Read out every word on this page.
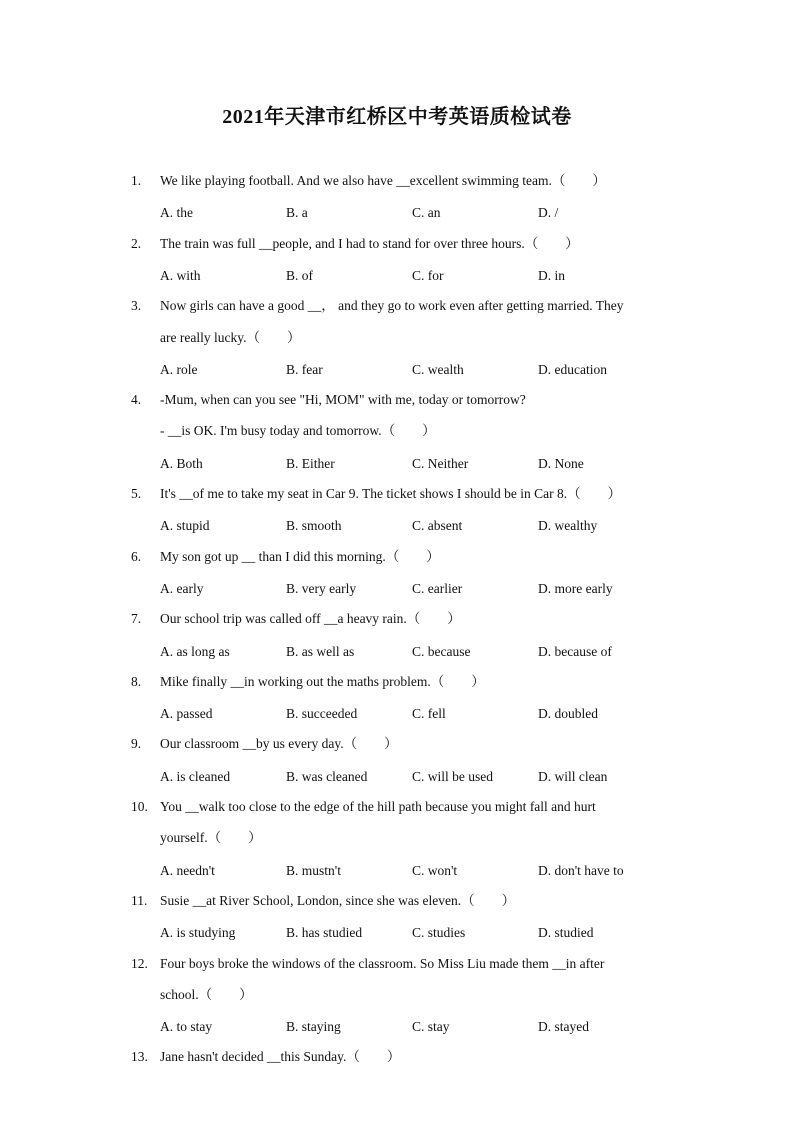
2021年天津市红桥区中考英语质检试卷
1. We like playing football. And we also have __excellent swimming team.（　　）
A. the	B. a	C. an	D. /
2. The train was full __people, and I had to stand for over three hours.（　　）
A. with	B. of	C. for	D. in
3. Now girls can have a good __， and they go to work even after getting married. They
are really lucky.（　　）
A. role	B. fear	C. wealth	D. education
4. -Mum, when can you see "Hi, MOM" with me, today or tomorrow?
- __is OK. I'm busy today and tomorrow.（　　）
A. Both	B. Either	C. Neither	D. None
5. It's __of me to take my seat in Car 9. The ticket shows I should be in Car 8.（　　）
A. stupid	B. smooth	C. absent	D. wealthy
6. My son got up __ than I did this morning.（　　）
A. early	B. very early	C. earlier	D. more early
7. Our school trip was called off __a heavy rain.（　　）
A. as long as	B. as well as	C. because	D. because of
8. Mike finally __in working out the maths problem.（　　）
A. passed	B. succeeded	C. fell	D. doubled
9. Our classroom __by us every day.（　　）
A. is cleaned	B. was cleaned	C. will be used	D. will clean
10. You __walk too close to the edge of the hill path because you might fall and hurt
yourself.（　　）
A. needn't	B. mustn't	C. won't	D. don't have to
11. Susie __at River School, London, since she was eleven.（　　）
A. is studying	B. has studied	C. studies	D. studied
12. Four boys broke the windows of the classroom. So Miss Liu made them __in after
school.（　　）
A. to stay	B. staying	C. stay	D. stayed
13. Jane hasn't decided __this Sunday.（　　）
